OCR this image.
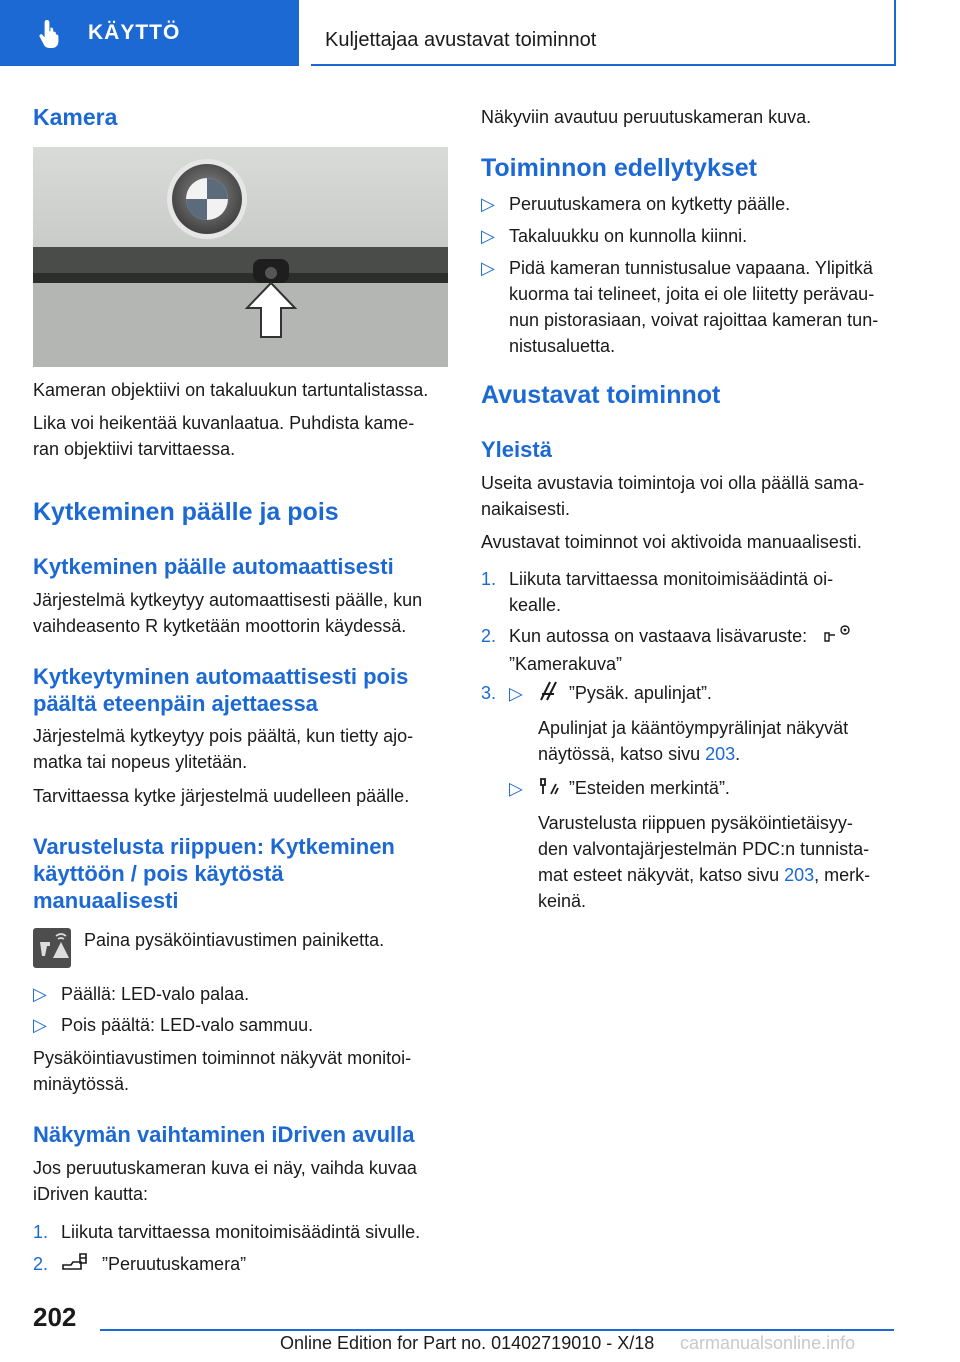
KÄYTTÖ	Kuljettajaa avustavat toiminnot
Kamera

Kameran objektiivi on takaluukun tartuntalistassa.

Lika voi heikentää kuvanlaatua. Puhdista kame-

ran objektiivi tarvittaessa.

Kytkeminen päälle ja pois
Kytkeminen päälle automaattisesti

Järjestelmä kytkeytyy automaattisesti päälle, kun

vaihdeasento R kytketään moottorin käydessä.

Kytkeytyminen automaattisesti pois
päältä eteenpäin ajettaessa

Järjestelmä kytkeytyy pois päältä, kun tietty ajo-

matka tai nopeus ylitetään.

Tarvittaessa kytke järjestelmä uudelleen päälle.

Varustelusta riippuen: Kytkeminen
käyttöön / pois käytöstä
manuaalisesti

Paina pysäköintiavustimen painiketta.

▷ Päällä: LED-valo palaa.
▷ Pois päältä: LED-valo sammuu.

Pysäköintiavustimen toiminnot näkyvät monitoi-

minäytössä.

Näkymän vaihtaminen iDriven avulla

Jos peruutuskameran kuva ei näy, vaihda kuvaa

iDriven kautta:

1. Liikuta tarvittaessa monitoimisäädintä sivulle.
2.	”Peruutuskamera”

Näkyviin avautuu peruutuskameran kuva.

Toiminnon edellytykset
▷ Peruutuskamera on kytketty päälle.
▷ Takaluukku on kunnolla kiinni.
▷ Pidä kameran tunnistusalue vapaana. Ylipitkä
kuorma tai telineet, joita ei ole liitetty perävau-
nun pistorasiaan, voivat rajoittaa kameran tun-
nistusaluetta.
Avustavat toiminnot
Yleistä

Useita avustavia toimintoja voi olla päällä sama-

naikaisesti.

Avustavat toiminnot voi aktivoida manuaalisesti.

1. Liikuta tarvittaessa monitoimisäädintä oi-
kealle.
2. Kun autossa on vastaava lisävaruste:
”Kamerakuva”
3. ▷	”Pysäk. apulinjat”.
Apulinjat ja kääntöympyrälinjat näkyvät
näytössä, katso sivu 203.
▷	”Esteiden merkintä”.
Varustelusta riippuen pysäköintietäisyy-
den valvontajärjestelmän PDC:n tunnista-
mat esteet näkyvät, katso sivu 203, merk-
keinä.
202
Online Edition for Part no. 01402719010 - X/18 carmanualsonline.info
